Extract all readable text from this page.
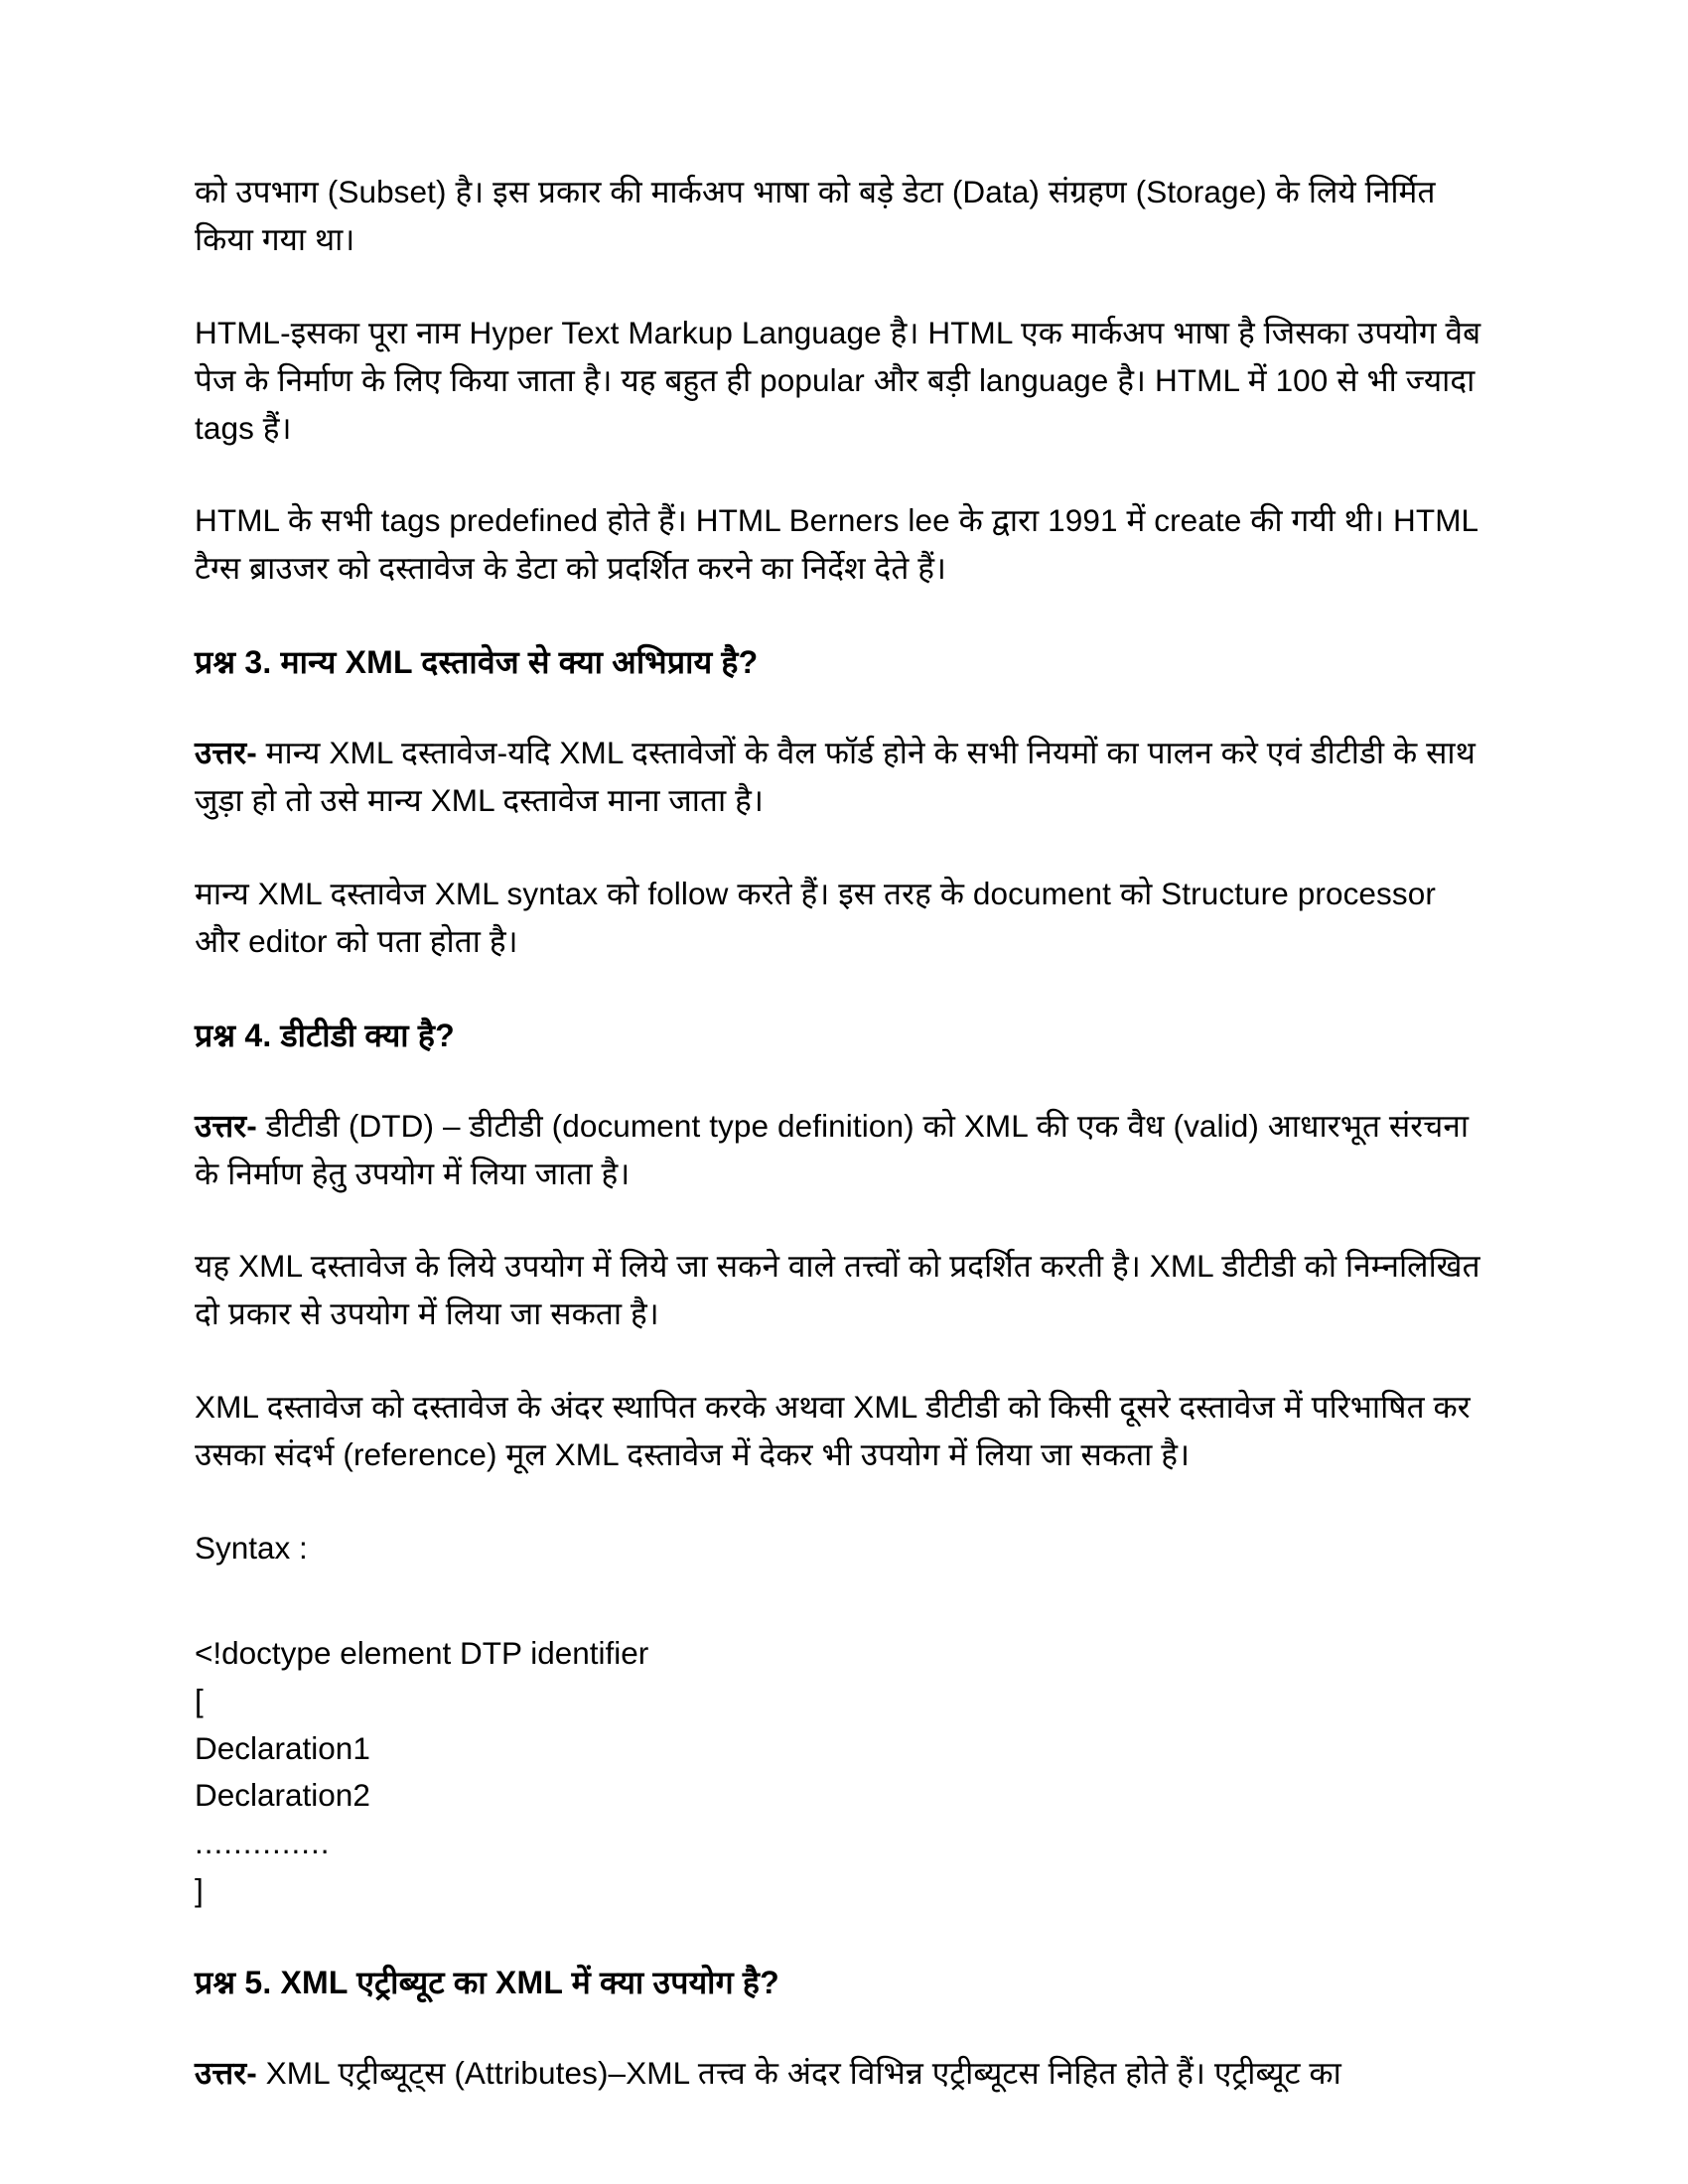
को उपभाग (Subset) है। इस प्रकार की मार्कअप भाषा को बड़े डेटा (Data) संग्रहण (Storage) के लिये निर्मित किया गया था।

HTML-इसका पूरा नाम Hyper Text Markup Language है। HTML एक मार्कअप भाषा है जिसका उपयोग वैब पेज के निर्माण के लिए किया जाता है। यह बहुत ही popular और बड़ी language है। HTML में 100 से भी ज्यादा tags हैं।

HTML के सभी tags predefined होते हैं। HTML Berners lee के द्वारा 1991 में create की गयी थी। HTML टैग्स ब्राउजर को दस्तावेज के डेटा को प्रदर्शित करने का निर्देश देते हैं।

प्रश्न 3. मान्य XML दस्तावेज से क्या अभिप्राय है?

उत्तर- मान्य XML दस्तावेज-यदि XML दस्तावेजों के वैल फॉर्ड होने के सभी नियमों का पालन करे एवं डीटीडी के साथ जुड़ा हो तो उसे मान्य XML दस्तावेज माना जाता है।

मान्य XML दस्तावेज XML syntax को follow करते हैं। इस तरह के document को Structure processor और editor को पता होता है।

प्रश्न 4. डीटीडी क्या है?

उत्तर- डीटीडी (DTD) – डीटीडी (document type definition) को XML की एक वैध (valid) आधारभूत संरचना के निर्माण हेतु उपयोग में लिया जाता है।

यह XML दस्तावेज के लिये उपयोग में लिये जा सकने वाले तत्त्वों को प्रदर्शित करती है। XML डीटीडी को निम्नलिखित दो प्रकार से उपयोग में लिया जा सकता है।

XML दस्तावेज को दस्तावेज के अंदर स्थापित करके अथवा XML डीटीडी को किसी दूसरे दस्तावेज में परिभाषित कर उसका संदर्भ (reference) मूल XML दस्तावेज में देकर भी उपयोग में लिया जा सकता है।

Syntax :

<!doctype element DTP identifier
[
Declaration1
Declaration2
..............
]
प्रश्न 5. XML एट्रीब्यूट का XML में क्या उपयोग है?

उत्तर- XML एट्रीब्यूट्स (Attributes)–XML तत्त्व के अंदर विभिन्न एट्रीब्यूटस निहित होते हैं। एट्रीब्यूट का
